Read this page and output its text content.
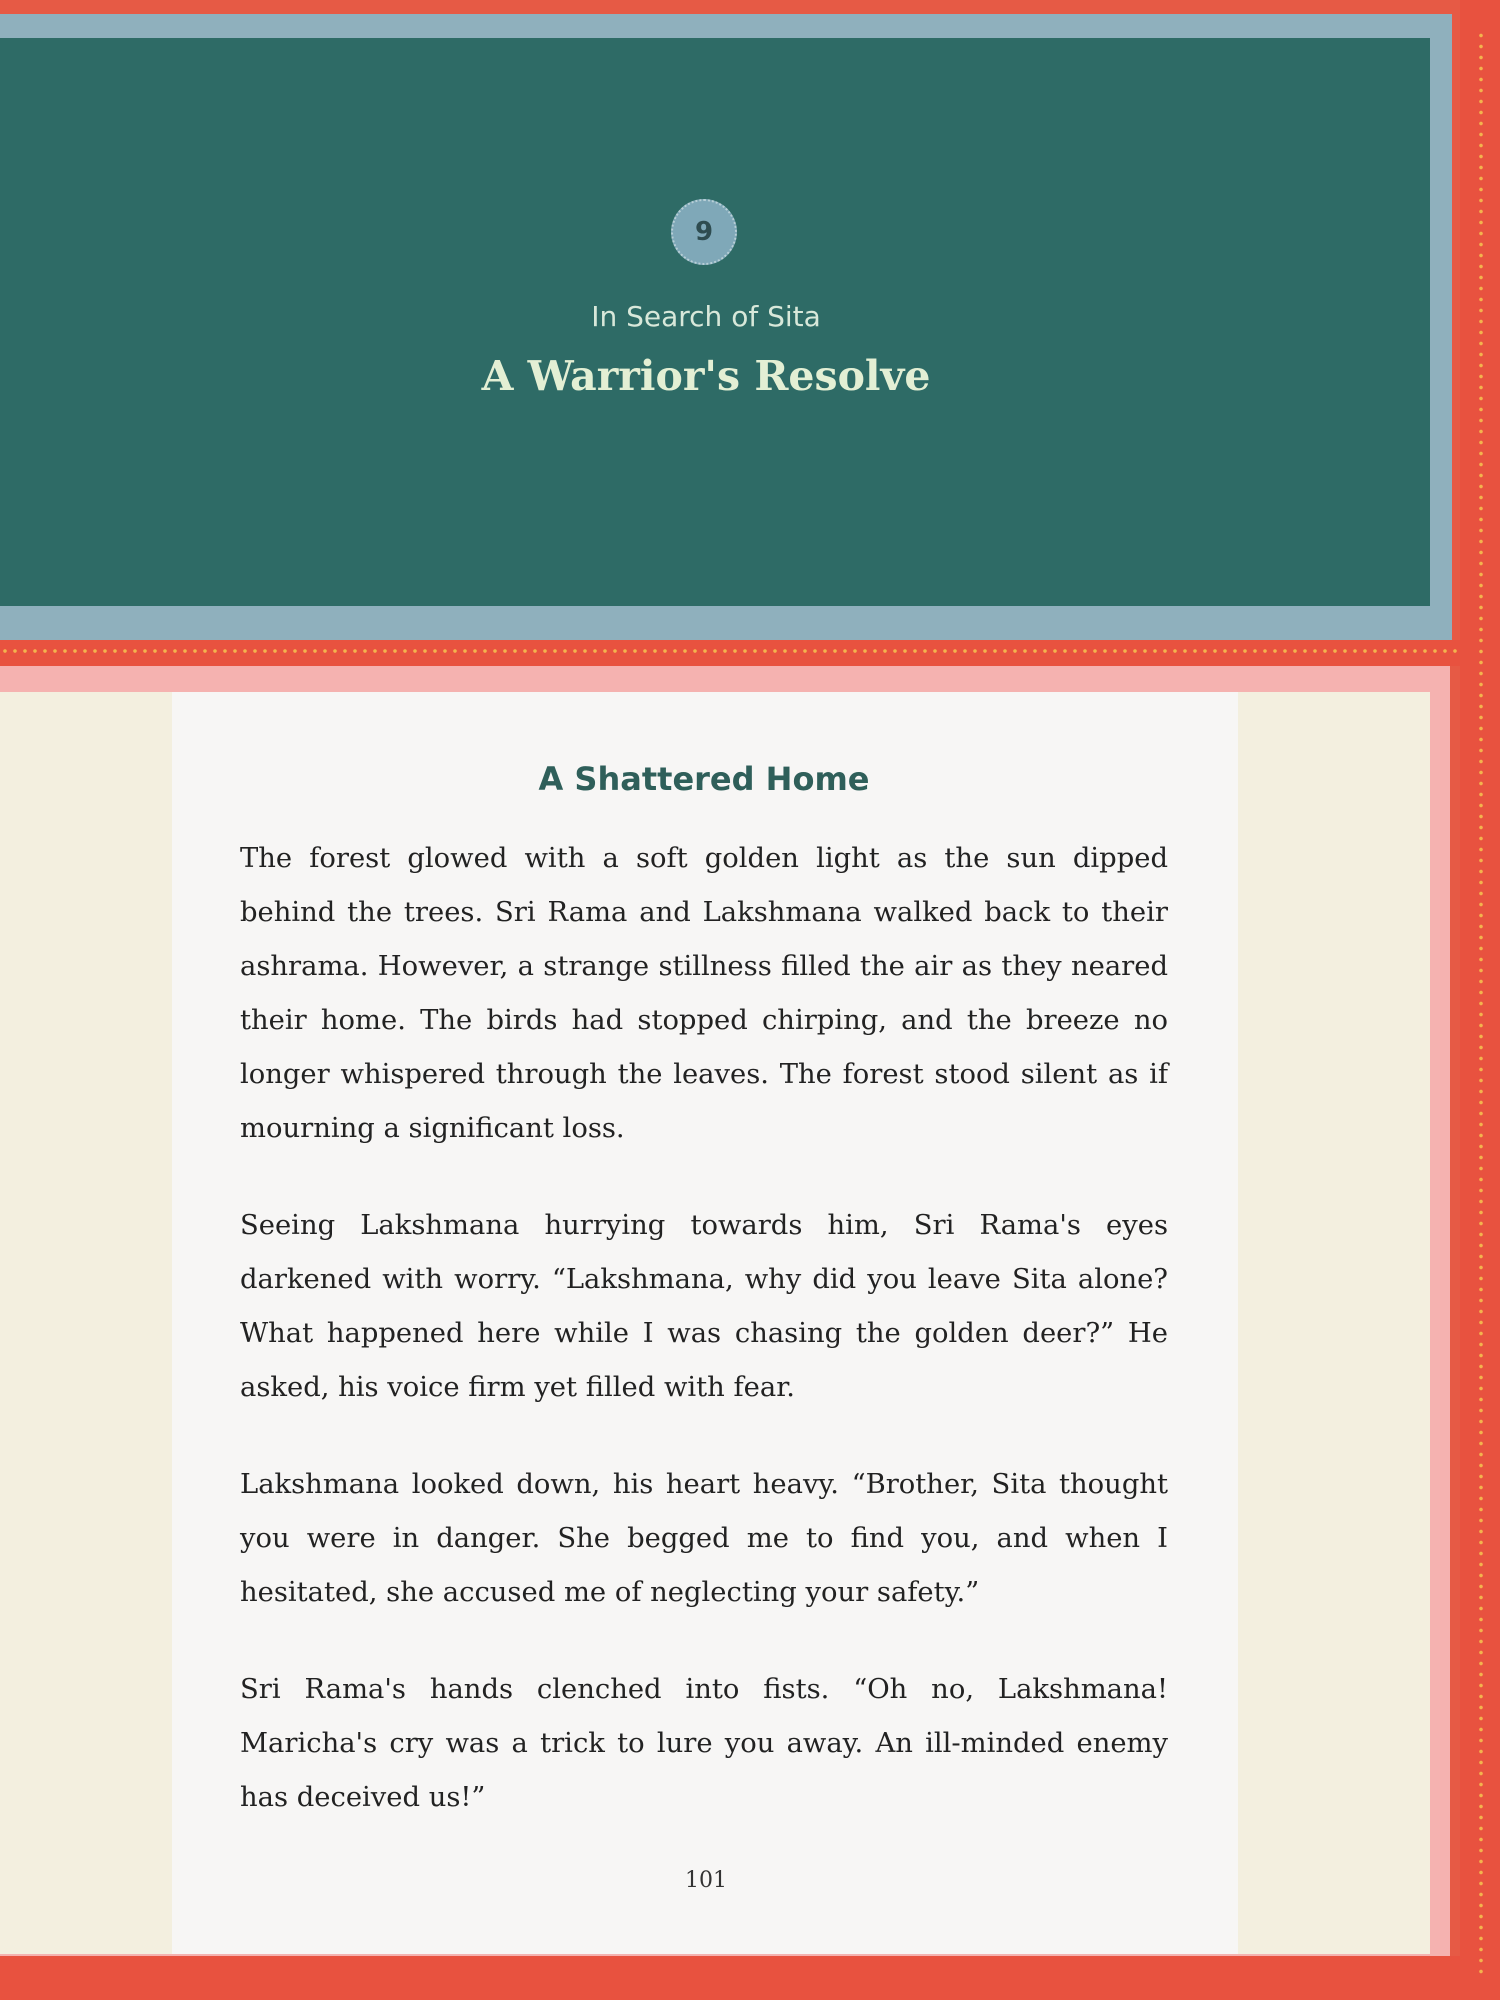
9
In Search of Sita
A Warrior's Resolve
A Shattered Home

The forest glowed with a soft golden light as the sun dipped behind the trees. Sri Rama and Lakshmana walked back to their ashrama. However, a strange stillness filled the air as they neared their home. The birds had stopped chirping, and the breeze no longer whispered through the leaves. The forest stood silent as if mourning a significant loss.

Seeing Lakshmana hurrying towards him, Sri Rama's eyes darkened with worry. “Lakshmana, why did you leave Sita alone? What happened here while I was chasing the golden deer?” He asked, his voice firm yet filled with fear.

Lakshmana looked down, his heart heavy. “Brother, Sita thought you were in danger. She begged me to find you, and when I hesitated, she accused me of neglecting your safety.”

Sri Rama's hands clenched into fists. “Oh no, Lakshmana! Maricha's cry was a trick to lure you away. An ill-minded enemy has deceived us!”

101
